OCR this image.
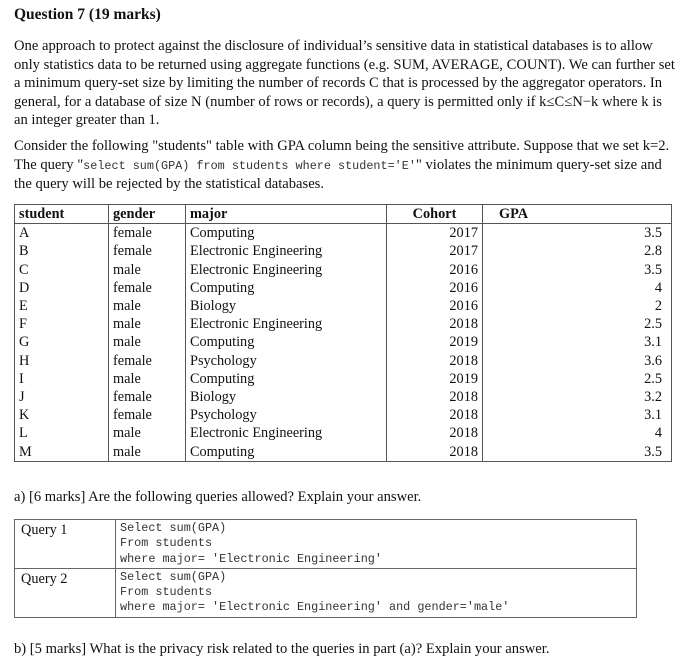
Question 7 (19 marks)
One approach to protect against the disclosure of individual’s sensitive data in statistical databases is to allow only statistics data to be returned using aggregate functions (e.g. SUM, AVERAGE, COUNT). We can further set a minimum query-set size by limiting the number of records C that is processed by the aggregator operators. In general, for a database of size N (number of rows or records), a query is permitted only if k≤C≤N−k where k is an integer greater than 1.
Consider the following "students" table with GPA column being the sensitive attribute. Suppose that we set k=2. The query "select sum(GPA) from students where student='E'" violates the minimum query-set size and the query will be rejected by the statistical databases.
student	gender	major	Cohort	GPA
A	female	Computing	2017	3.5
B	female	Electronic Engineering	2017	2.8
C	male	Electronic Engineering	2016	3.5
D	female	Computing	2016	4
E	male	Biology	2016	2
F	male	Electronic Engineering	2018	2.5
G	male	Computing	2019	3.1
H	female	Psychology	2018	3.6
I	male	Computing	2019	2.5
J	female	Biology	2018	3.2
K	female	Psychology	2018	3.1
L	male	Electronic Engineering	2018	4
M	male	Computing	2018	3.5
a) [6 marks] Are the following queries allowed? Explain your answer.
Query 1	Select sum(GPA)
From students
where major= 'Electronic Engineering'

Query 2	Select sum(GPA)
From students
where major= 'Electronic Engineering' and gender='male'
b) [5 marks] What is the privacy risk related to the queries in part (a)? Explain your answer.
